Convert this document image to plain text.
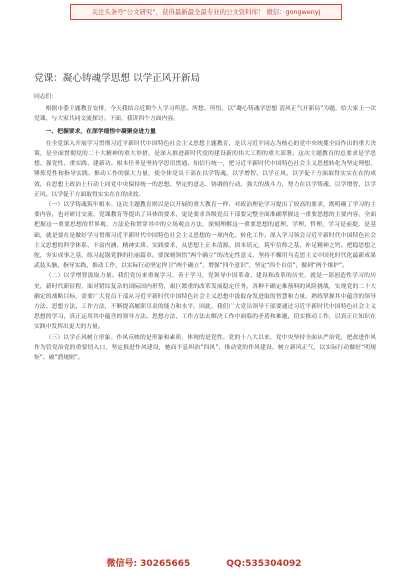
关注头条号“公文研究”，获得最新最全最专业的公文资料库！ 微信：gongwenyj
党课：凝心铸魂学思想 以学正风开新局

同志们：

根据市委主题教育安排，今天我结合近期个人学习所思、所想、所悟，以“凝心铸魂学思想 清风正气开新局”为题，给大家上一次党课，与大家共同交流探讨。下面，我讲四个方面内容。

一、把握要求，在深学细悟中凝聚奋进力量

在全党深入开展学习贯彻习近平新时代中国特色社会主义思想主题教育，是以习近平同志为核心的党中央统揽全局作出的重大决策，是全面贯彻党的二十大精神的重大举措，是深入推进新时代党的建设新的伟大工程的重大部署。这次主题教育的总要求是学思想、强党性、重实践、建新功。根本任务是坚持学思用贯通、知信行统一，把习近平新时代中国特色社会主义思想转化为坚定理想、锤炼党性和指导实践、推动工作的强大力量，使全体党员干部在以学铸魂、以学增智、以学正风、以学促干方面取得实实在在的成效，在思想上政治上行动上同党中央保持统一的思想、坚定的意志、协调的行动、强大的战斗力，努力在以学铸魂、以学增智、以学正风、以学促干方面取得实实在在的成效。

（一）以学铸魂筑牢根本。这次主题教育则以是以开展的重大教育一样、对政治理论学习提出了较高的要求，既明确了学习的主要内容，也对研讨交流、党课教育等提出了具体的要求，更是要求各级党员干部要完整全面准确掌握这一重要思想的主要内容，全面把握这一重要思想的世界观、方法论和贯穿其中的立场观点方法，深刻理解这一重要思想的道理、学理、哲理，学习是前提，是基础，就是要在是做好学习贯彻习近平新时代中国特色社会主义思想的一项内化、转化工作。深入学习领会习近平新时代中国特色社会主义思想的科学体系、丰富内涵、精神实质、实践要求，从思想上正本清源、固本培元，筑牢信仰之基、补足精神之钙、把稳思想之舵，夯实成事之基，练习起锅党静的壮丽篇章。要深刻领悟“两个确立”的决定性意义，坚持不懈用马克思主义中国化时代化最新成果武装头脑、指导实践、推动工作，以实际行动坚定捍卫“两个确立”，增强“四个意识”，坚定“四个自信”，做到“两个维护”。

（二）以学增智汲取力量。我们党历来重视学习、善于学习，党领导中国革命、建设和改革的历史，就是一部创造性学习的历史。新时代新征程，面对错综复杂的国际国内形势，艰巨繁重的改革发展稳定任务，各种不确定难预料的风险挑战，实现党的二十大确定的战略目标，需要广大党员干部从习近平新时代中国特色社会主义思想中汲取奋发进取的智慧和力量，熟练掌握其中蕴含的领导方法、思想方法、工作方法，不断提高履职尽责的能力和水平。因此，我们广大党员领导干部要通过习近平新时代中国特色社会主义思想的学习，真正运用其中蕴含的领导方法、思想方法、工作方法去解决工作中面临的矛盾和难题，切实推动工作，以真正让知识在实践中发挥出更大的力量。

（三）以学正风树立形象。作风反映的是形象和素质，体现的是党性。党的十八大以来，党中央坚持全面从严治党，把改进作风作为管党治党的重要切入口，坚定推进作风建设，驰而不息纠治“四风”，推动党的作风建设，树立新风正气，以实际行动做好“明规矩”、破“潜规则”。

微信号: 30265665	QQ:535304092
